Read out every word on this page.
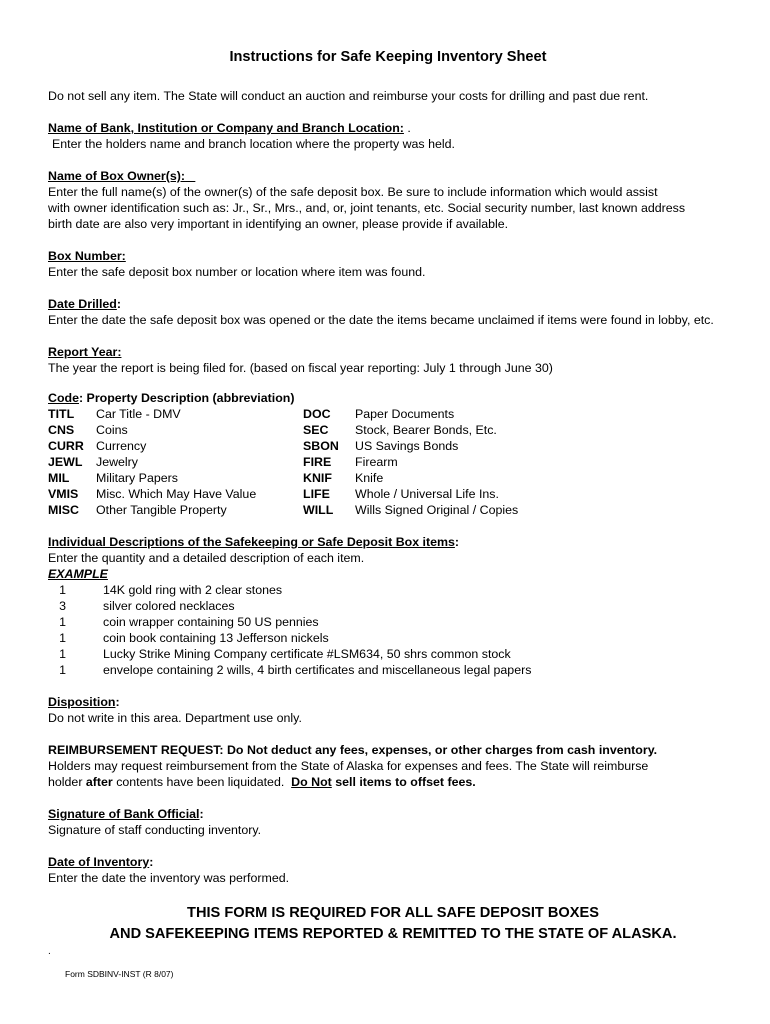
Instructions for Safe Keeping Inventory Sheet
Do not sell any item. The State will conduct an auction and reimburse your costs for drilling and past due rent.
Name of Bank, Institution or Company and Branch Location: .
Enter the holders name and branch location where the property was held.
Name of Box Owner(s):
Enter the full name(s) of the owner(s) of the safe deposit box. Be sure to include information which would assist
with owner identification such as: Jr., Sr., Mrs., and, or, joint tenants, etc. Social security number, last known address
birth date are also very important in identifying an owner, please provide if available.
Box Number:
Enter the safe deposit box number or location where item was found.
Date Drilled:
Enter the date the safe deposit box was opened or the date the items became unclaimed if items were found in lobby, etc.
Report Year:
The year the report is being filed for. (based on fiscal year reporting: July 1 through June 30)
Code: Property Description (abbreviation)
TITL Car Title - DMV	DOC Paper Documents
CNS Coins	SEC Stock, Bearer Bonds, Etc.
CURR Currency	SBON US Savings Bonds
JEWL Jewelry	FIRE Firearm
MIL Military Papers	KNIF Knife
VMIS Misc. Which May Have Value	LIFE Whole / Universal Life Ins.
MISC Other Tangible Property	WILL Wills Signed Original / Copies
Individual Descriptions of the Safekeeping or Safe Deposit Box items:
Enter the quantity and a detailed description of each item.
EXAMPLE
1	14K gold ring with 2 clear stones
3	silver colored necklaces
1	coin wrapper containing 50 US pennies
1	coin book containing 13 Jefferson nickels
1	Lucky Strike Mining Company certificate #LSM634, 50 shrs common stock
1	envelope containing 2 wills, 4 birth certificates and miscellaneous legal papers
Disposition:
Do not write in this area. Department use only.
REIMBURSEMENT REQUEST: Do Not deduct any fees, expenses, or other charges from cash inventory.
Holders may request reimbursement from the State of Alaska for expenses and fees. The State will reimburse
holder after contents have been liquidated.  Do Not sell items to offset fees.
Signature of Bank Official:
Signature of staff conducting inventory.
Date of Inventory:
Enter the date the inventory was performed.
THIS FORM IS REQUIRED FOR ALL SAFE DEPOSIT BOXES
AND SAFEKEEPING ITEMS REPORTED & REMITTED TO THE STATE OF ALASKA.
.
Form SDBINV-INST (R 8/07)
